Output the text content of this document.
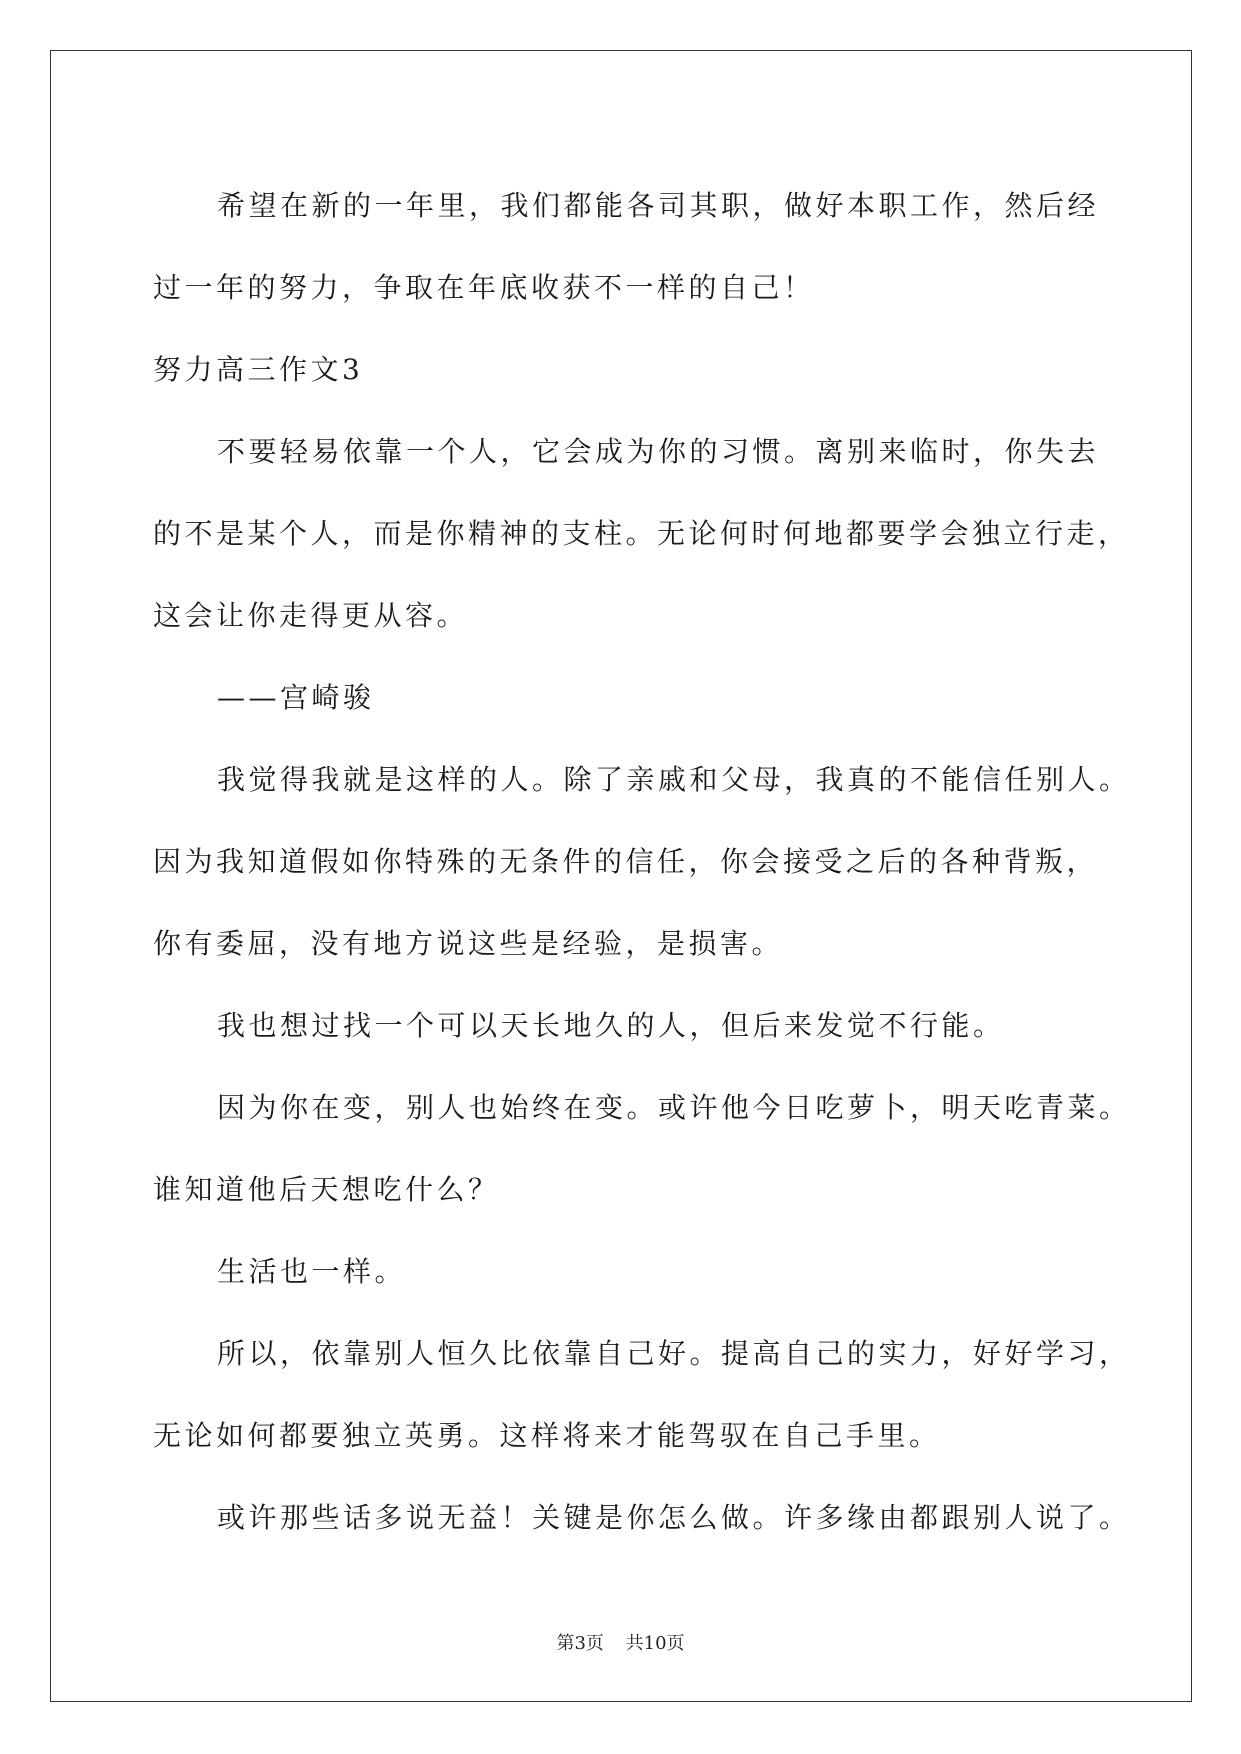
希望在新的一年里，我们都能各司其职，做好本职工作，然后经
过一年的努力，争取在年底收获不一样的自己！
努力高三作文3
不要轻易依靠一个人，它会成为你的习惯。离别来临时，你失去
的不是某个人，而是你精神的支柱。无论何时何地都要学会独立行走，
这会让你走得更从容。
——宫崎骏
我觉得我就是这样的人。除了亲戚和父母，我真的不能信任别人。
因为我知道假如你特殊的无条件的信任，你会接受之后的各种背叛，
你有委屈，没有地方说这些是经验，是损害。
我也想过找一个可以天长地久的人，但后来发觉不行能。
因为你在变，别人也始终在变。或许他今日吃萝卜，明天吃青菜。
谁知道他后天想吃什么？
生活也一样。
所以，依靠别人恒久比依靠自己好。提高自己的实力，好好学习，
无论如何都要独立英勇。这样将来才能驾驭在自己手里。
或许那些话多说无益！关键是你怎么做。许多缘由都跟别人说了。
第3页 共10页
